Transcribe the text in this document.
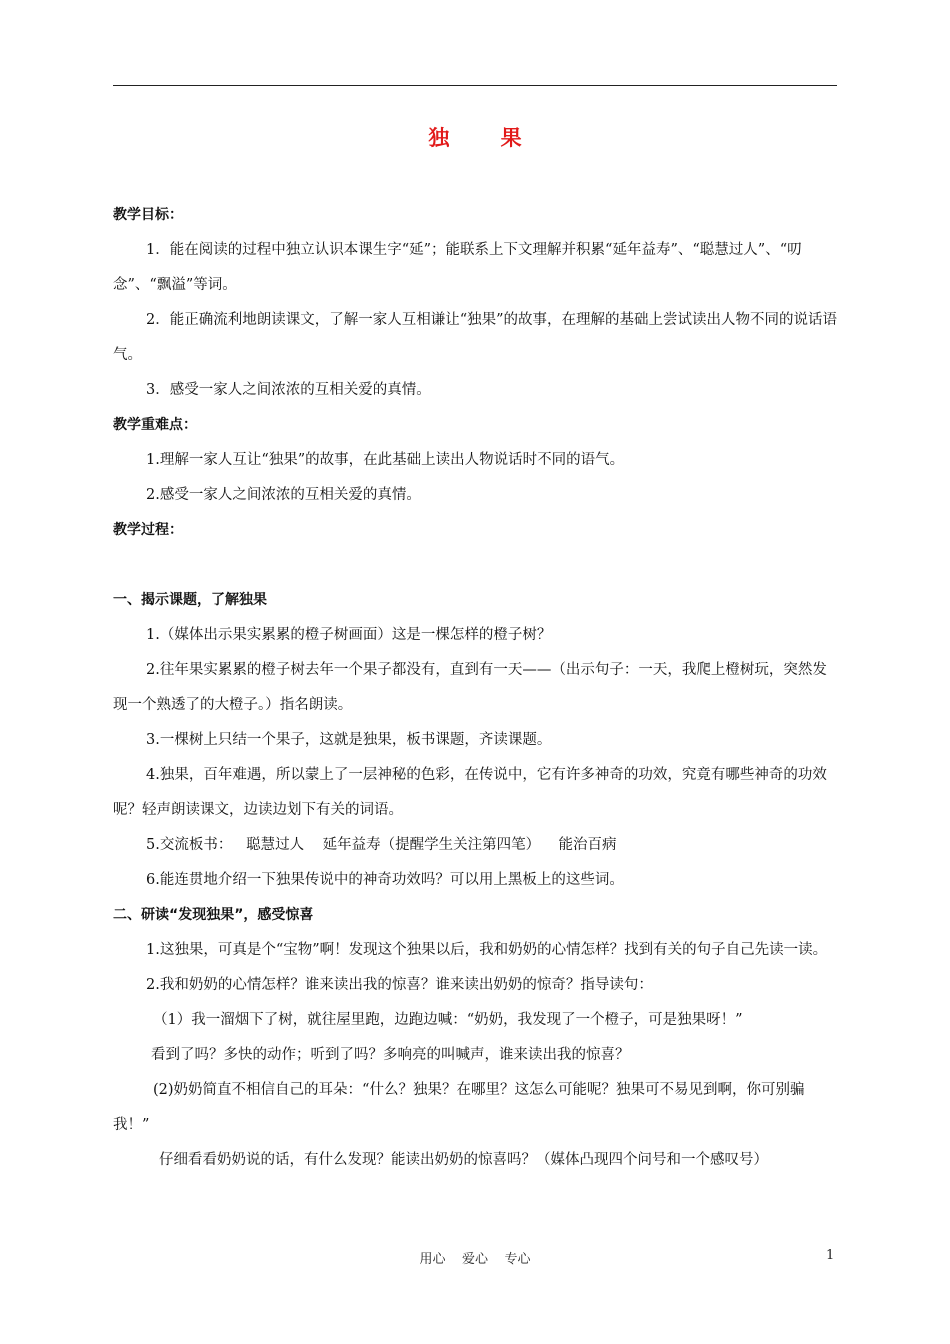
独 果

教学目标：

1．能在阅读的过程中独立认识本课生字“延”；能联系上下文理解并积累“延年益寿”、“聪慧过人”、“叨念”、“飘溢”等词。

2．能正确流利地朗读课文，了解一家人互相谦让“独果”的故事，在理解的基础上尝试读出人物不同的说话语气。

3．感受一家人之间浓浓的互相关爱的真情。

教学重难点：

1.理解一家人互让“独果”的故事，在此基础上读出人物说话时不同的语气。

2.感受一家人之间浓浓的互相关爱的真情。

教学过程：

一、揭示课题，了解独果

1.（媒体出示果实累累的橙子树画面）这是一棵怎样的橙子树？

2.往年果实累累的橙子树去年一个果子都没有，直到有一天——（出示句子：一天，我爬上橙树玩，突然发现一个熟透了的大橙子。）指名朗读。

3.一棵树上只结一个果子，这就是独果，板书课题，齐读课题。

4.独果，百年难遇，所以蒙上了一层神秘的色彩，在传说中，它有许多神奇的功效，究竟有哪些神奇的功效呢？轻声朗读课文，边读边划下有关的词语。

5.交流板书：   聪慧过人    延年益寿（提醒学生关注第四笔）    能治百病

6.能连贯地介绍一下独果传说中的神奇功效吗？可以用上黑板上的这些词。

二、研读“发现独果”，感受惊喜

1.这独果，可真是个“宝物”啊！发现这个独果以后，我和奶奶的心情怎样？找到有关的句子自己先读一读。

2.我和奶奶的心情怎样？谁来读出我的惊喜？谁来读出奶奶的惊奇？指导读句：

（1）我一溜烟下了树，就往屋里跑，边跑边喊：“奶奶，我发现了一个橙子，可是独果呀！”

看到了吗？多快的动作；听到了吗？多响亮的叫喊声，谁来读出我的惊喜？

(2)奶奶简直不相信自己的耳朵：“什么？独果？在哪里？这怎么可能呢？独果可不易见到啊，你可别骗我！”

仔细看看奶奶说的话，有什么发现？能读出奶奶的惊喜吗？（媒体凸现四个问号和一个感叹号）

用心    爱心    专心	1
